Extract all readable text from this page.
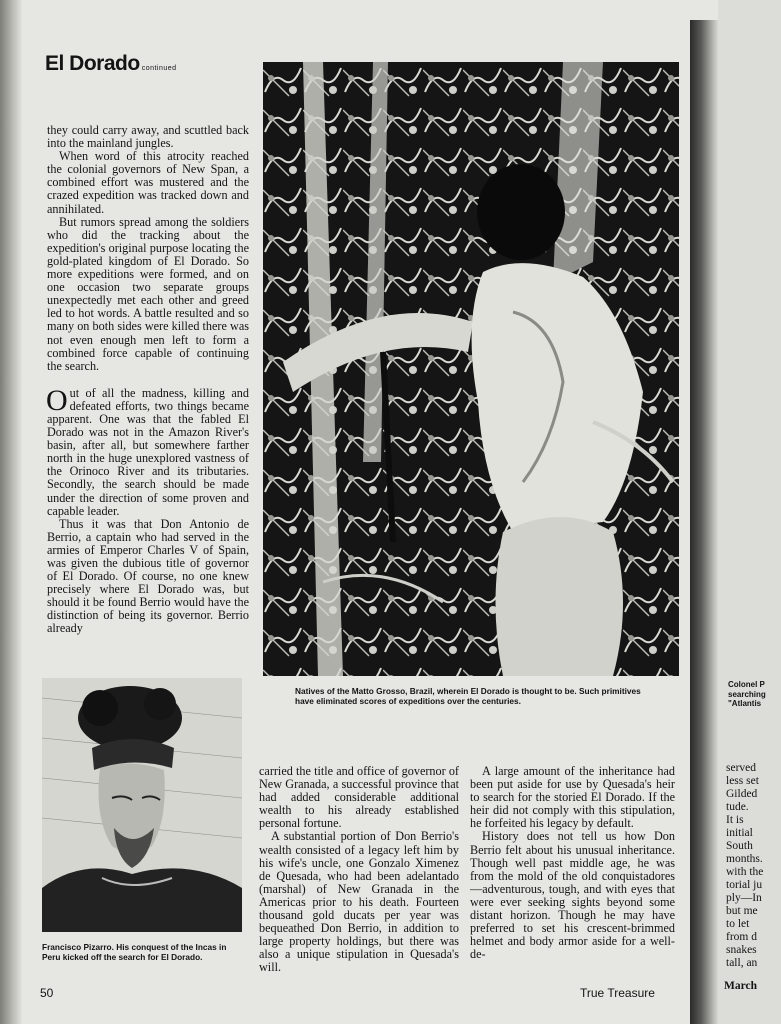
El Dorado continued

they could carry away, and scuttled back into the mainland jungles.

When word of this atrocity reached the colonial governors of New Span, a combined effort was mustered and the crazed expedition was tracked down and annihilated.

But rumors spread among the soldiers who did the tracking about the expedition's original purpose locating the gold-plated kingdom of El Dorado. So more expeditions were formed, and on one occasion two separate groups unexpectedly met each other and greed led to hot words. A battle resulted and so many on both sides were killed there was not even enough men left to form a combined force capable of continuing the search.

Out of all the madness, killing and defeated efforts, two things became apparent. One was that the fabled El Dorado was not in the Amazon River's basin, after all, but somewhere farther north in the huge unexplored vastness of the Orinoco River and its tributaries. Secondly, the search should be made under the direction of some proven and capable leader.

Thus it was that Don Antonio de Berrio, a captain who had served in the armies of Emperor Charles V of Spain, was given the dubious title of governor of El Dorado. Of course, no one knew precisely where El Dorado was, but should it be found Berrio would have the distinction of being its governor. Berrio already

Natives of the Matto Grosso, Brazil, wherein El Dorado is thought to be. Such primitives have eliminated scores of expeditions over the centuries.
Francisco Pizarro. His conquest of the Incas in Peru kicked off the search for El Dorado.

carried the title and office of governor of New Granada, a successful province that had added considerable additional wealth to his already established personal fortune.

A substantial portion of Don Berrio's wealth consisted of a legacy left him by his wife's uncle, one Gonzalo Ximenez de Quesada, who had been adelantado (marshal) of New Granada in the Americas prior to his death. Fourteen thousand gold ducats per year was bequeathed Don Berrio, in addition to large property holdings, but there was also a unique stipulation in Quesada's will.

A large amount of the inheritance had been put aside for use by Quesada's heir to search for the storied El Dorado. If the heir did not comply with this stipulation, he forfeited his legacy by default.

History does not tell us how Don Berrio felt about his unusual inheritance. Though well past middle age, he was from the mold of the old conquistadores—adventurous, tough, and with eyes that were ever seeking sights beyond some distant horizon. Though he may have preferred to set his crescent-brimmed helmet and body armor aside for a well-de-

50	True Treasure
Colonel P
searching
"Atlantis
served
less set
Gilded
tude.
It is
initial
South
months.
with the
torial ju
ply—In
but me
to let
from d
snakes
tall, an
March
